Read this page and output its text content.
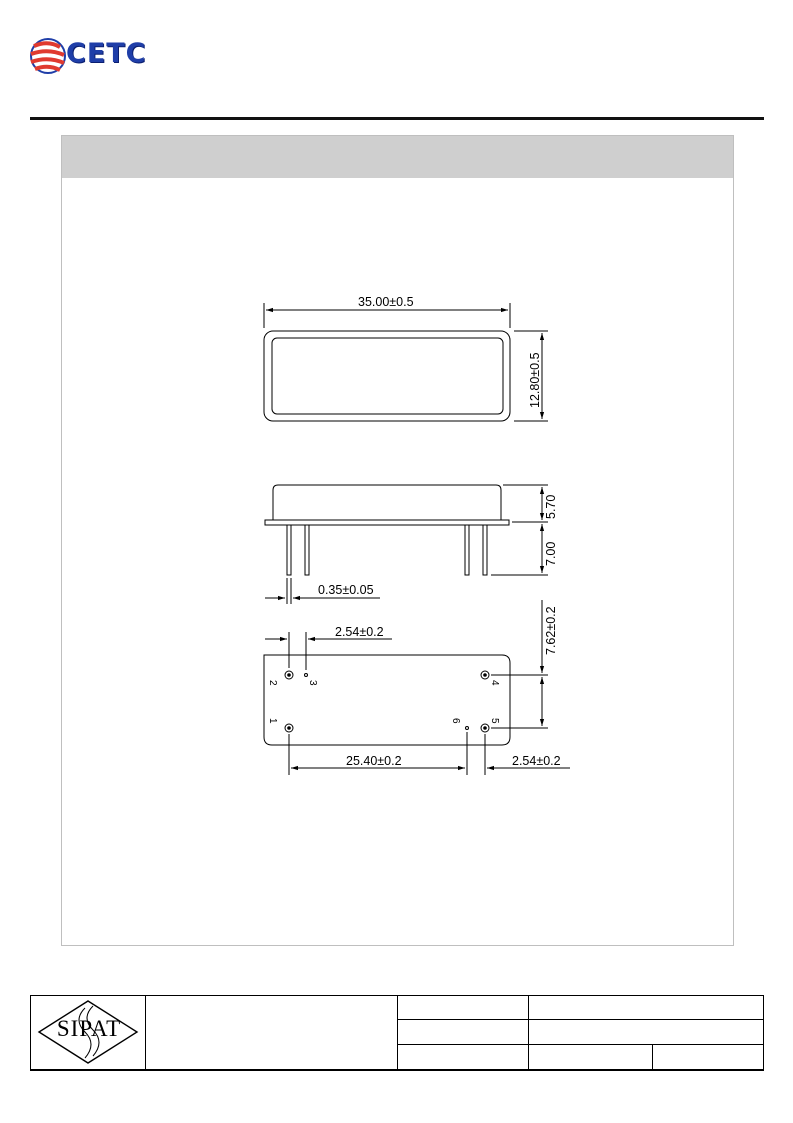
CETC
35.00±0.5
12.80±0.5
5.70
7.00
0.35±0.05
2.54±0.2	7.62±0.2
25.40±0.2	2.54±0.2
1
2	3	4
5
6
SIPAT
